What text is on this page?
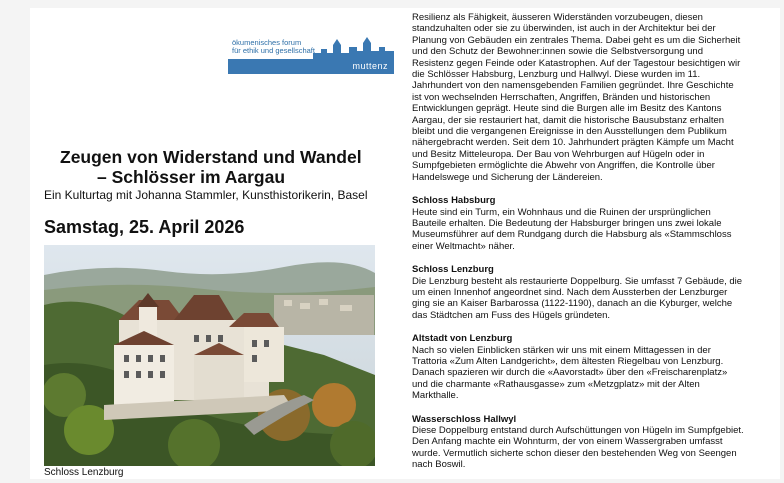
ökumenisches forum
für ethik und gesellschaft
muttenz
Zeugen von Widerstand und Wandel
– Schlösser im Aargau
Ein Kulturtag mit Johanna Stammler, Kunsthistorikerin, Basel
Samstag, 25. April 2026
Schloss Lenzburg

Resilienz als Fähigkeit, äusseren Widerständen vorzubeugen, diesen standzuhalten oder sie zu überwinden, ist auch in der Architektur bei der Planung von Gebäuden ein zentrales Thema. Dabei geht es um die Sicherheit und den Schutz der Bewohner:innen sowie die Selbstversorgung und Resistenz gegen Feinde oder Katastrophen. Auf der Tagestour besichtigen wir die Schlösser Habsburg, Lenzburg und Hallwyl. Diese wurden im 11. Jahrhundert von den namensgebenden Familien gegründet. Ihre Geschichte ist von wechselnden Herrschaften, Angriffen, Bränden und historischen Entwicklungen geprägt. Heute sind die Burgen alle im Besitz des Kantons Aargau, der sie restauriert hat, damit die historische Bausubstanz erhalten bleibt und die vergangenen Ereignisse in den Ausstellungen dem Publikum nähergebracht werden. Seit dem 10. Jahrhundert prägten Kämpfe um Macht und Besitz Mitteleuropa. Der Bau von Wehrburgen auf Hügeln oder in Sumpfgebieten ermöglichte die Abwehr von Angriffen, die Kontrolle über Handelswege und Sicherung der Ländereien.

Schloss Habsburg
Heute sind ein Turm, ein Wohnhaus und die Ruinen der ursprünglichen Bauteile erhalten. Die Bedeutung der Habsburger bringen uns zwei lokale Museumsführer auf dem Rundgang durch die Habsburg als «Stammschloss einer Weltmacht» näher.
Schloss Lenzburg
Die Lenzburg besteht als restaurierte Doppelburg. Sie umfasst 7 Gebäude, die um einen Innenhof angeordnet sind. Nach dem Aussterben der Lenzburger ging sie an Kaiser Barbarossa (1122-1190), danach an die Kyburger, welche das Städtchen am Fuss des Hügels gründeten.
Altstadt von Lenzburg
Nach so vielen Einblicken stärken wir uns mit einem Mittagessen in der Trattoria «Zum Alten Landgericht», dem ältesten Riegelbau von Lenzburg. Danach spazieren wir durch die «Aavorstadt» über den «Freischarenplatz» und die charmante «Rathausgasse» zum «Metzgplatz» mit der Alten Markthalle.
Wasserschloss Hallwyl
Diese Doppelburg entstand durch Aufschüttungen von Hügeln im Sumpfgebiet. Den Anfang machte ein Wohnturm, der von einem Wassergraben umfasst wurde. Vermutlich sicherte schon dieser den bestehenden Weg von Seengen nach Boswil.
